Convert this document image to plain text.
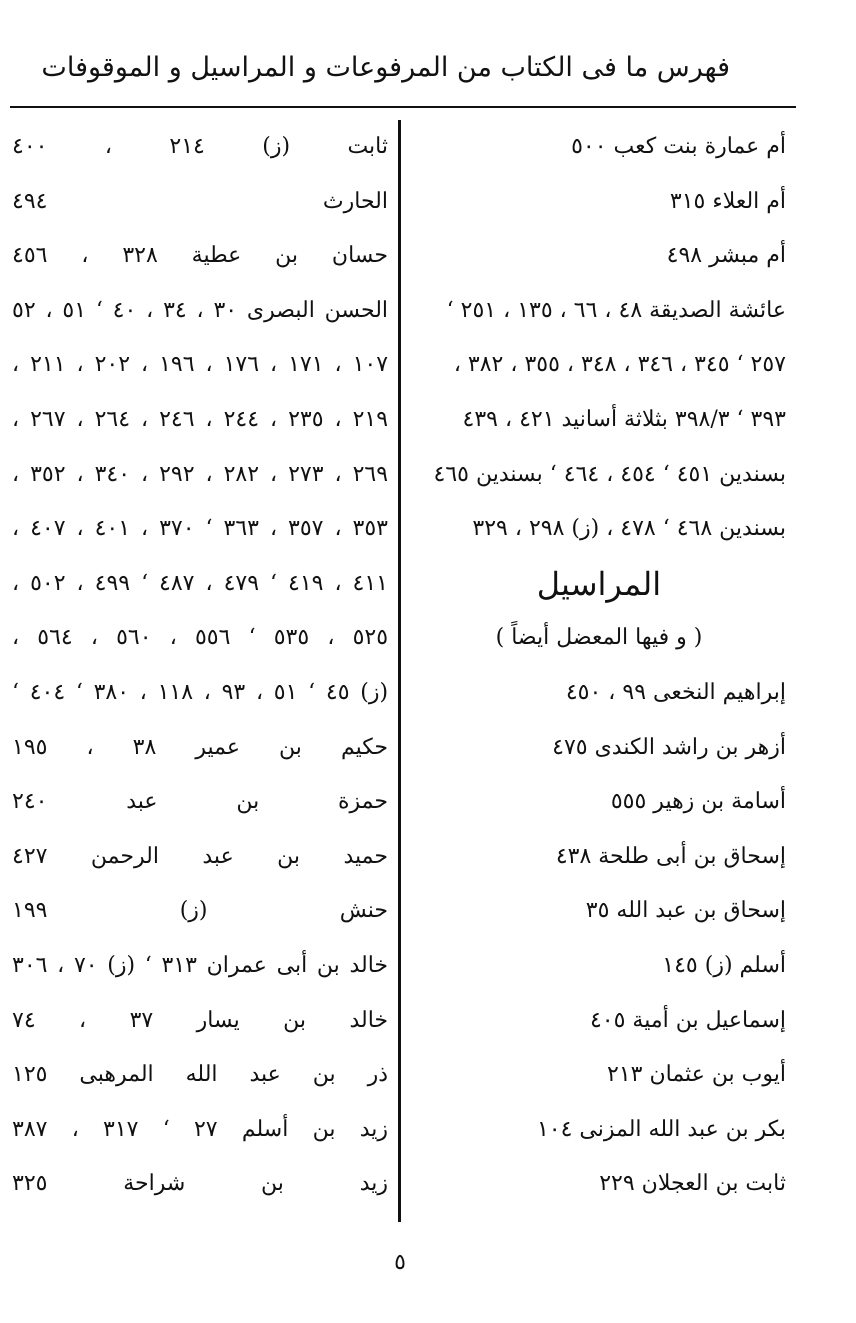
فهرس ما فى الكتاب من المرفوعات و المراسيل و الموقوفات
أم عمارة بنت كعب ٥٠٠
أم العلاء ٣١٥
أم مبشر ٤٩٨
عائشة الصديقة ٤٨ ، ٦٦ ، ١٣٥ ، ٢٥١ ‘
٢٥٧ ‘ ٣٤٥ ، ٣٤٦ ، ٣٤٨ ، ٣٥٥ ، ٣٨٢ ،
٣٩٣ ‘ ٣٩٨/٣ بثلاثة أسانيد ٤٢١ ، ٤٣٩
بسندين ٤٥١ ‘ ٤٥٤ ، ٤٦٤ ‘ بسندين ٤٦٥
بسندين ٤٦٨ ‘ ٤٧٨ ، (ز) ٢٩٨ ، ٣٢٩
المراسيل
( و فيها المعضل أيضاً )
إبراهيم النخعى ٩٩ ، ٤٥٠
أزهر بن راشد الكندى ٤٧٥
أسامة بن زهير ٥٥٥
إسحاق بن أبى طلحة ٤٣٨
إسحاق بن عبد الله ٣٥
أسلم (ز) ١٤٥
إسماعيل بن أمية ٤٠٥
أيوب بن عثمان ٢١٣
بكر بن عبد الله المزنى ١٠٤
ثابت بن العجلان ٢٢٩
ثابت (ز) ٢١٤ ، ٤٠٠
الحارث ٤٩٤
حسان بن عطية ٣٢٨ ، ٤٥٦
الحسن البصرى ٣٠ ، ٣٤ ، ٤٠ ‘ ٥١ ، ٥٢
١٠٧ ، ١٧١ ، ١٧٦ ، ١٩٦ ، ٢٠٢ ، ٢١١ ،
٢١٩ ، ٢٣٥ ، ٢٤٤ ، ٢٤٦ ، ٢٦٤ ، ٢٦٧ ،
٢٦٩ ، ٢٧٣ ، ٢٨٢ ، ٢٩٢ ، ٣٤٠ ، ٣٥٢ ،
٣٥٣ ، ٣٥٧ ، ٣٦٣ ‘ ٣٧٠ ، ٤٠١ ، ٤٠٧ ،
٤١١ ، ٤١٩ ‘ ٤٧٩ ، ٤٨٧ ‘ ٤٩٩ ، ٥٠٢ ،
٥٢٥ ، ٥٣٥ ‘ ٥٥٦ ، ٥٦٠ ، ٥٦٤ ،
(ز) ٤٥ ‘ ٥١ ، ٩٣ ، ١١٨ ، ٣٨٠ ‘ ٤٠٤ ‘
حكيم بن عمير ٣٨ ، ١٩٥
حمزة بن عبد ٢٤٠
حميد بن عبد الرحمن ٤٢٧
حنش (ز) ١٩٩
خالد بن أبى عمران ٣١٣ ‘ (ز) ٧٠ ، ٣٠٦
خالد بن يسار ٣٧ ، ٧٤
ذر بن عبد الله المرهبى ١٢٥
زيد بن أسلم ٢٧ ‘ ٣١٧ ، ٣٨٧
زيد بن شراحة ٣٢٥
٥
